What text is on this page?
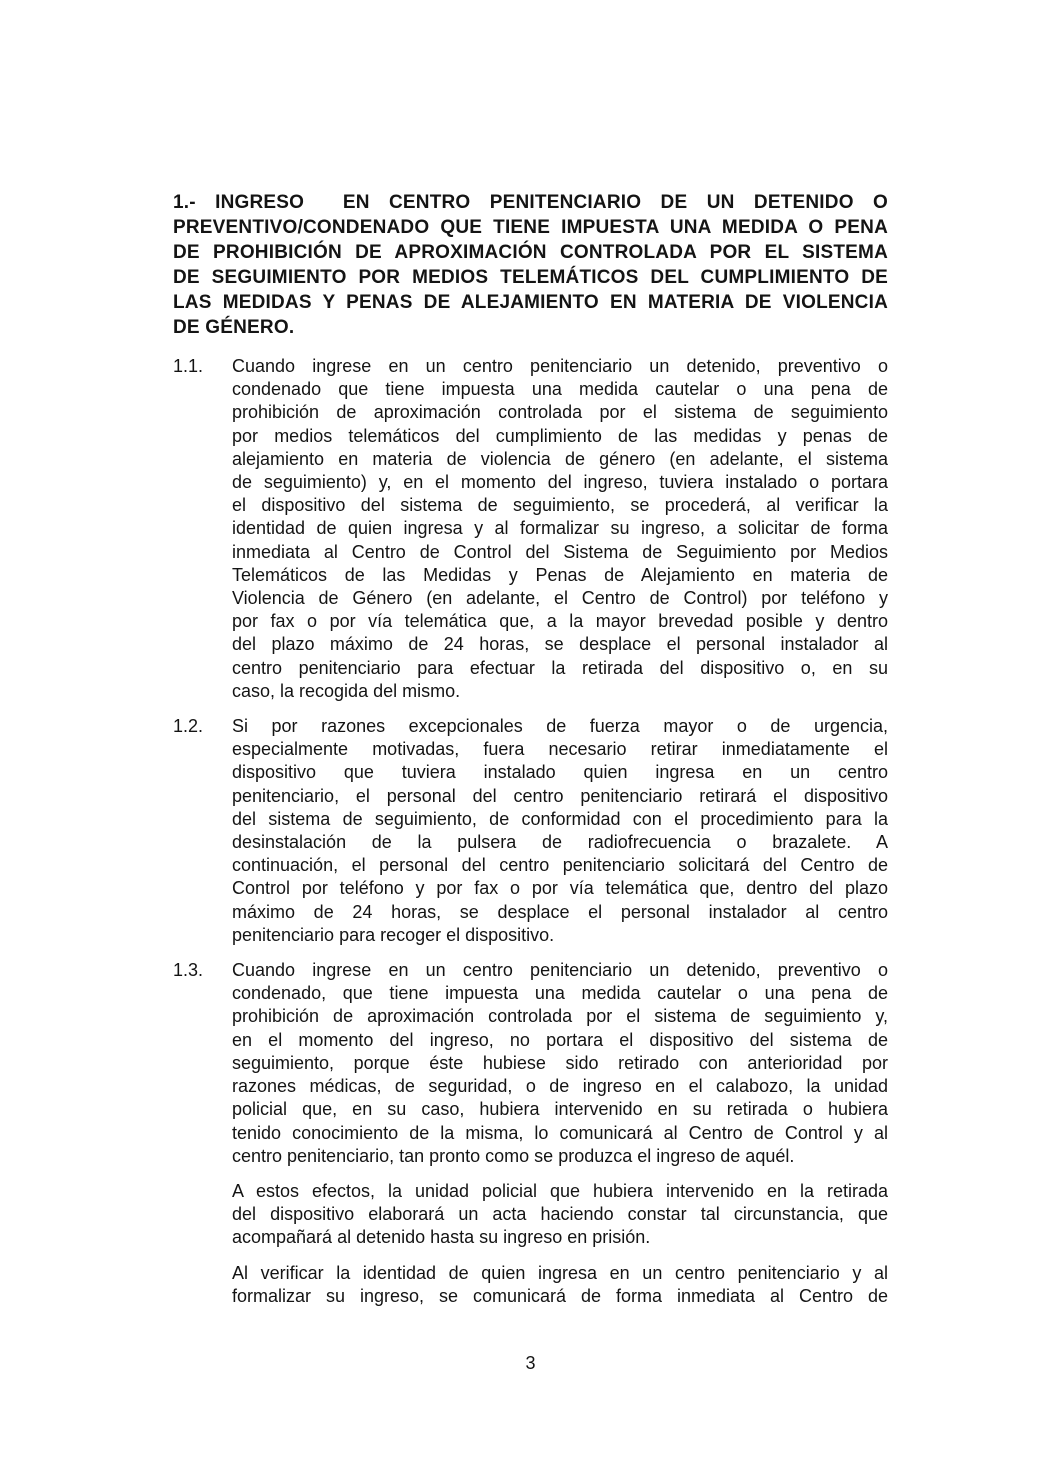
1.- INGRESO  EN CENTRO PENITENCIARIO DE UN DETENIDO O
PREVENTIVO/CONDENADO QUE TIENE IMPUESTA UNA MEDIDA O PENA
DE PROHIBICIÓN DE APROXIMACIÓN CONTROLADA POR EL SISTEMA
DE SEGUIMIENTO POR MEDIOS TELEMÁTICOS DEL CUMPLIMIENTO DE
LAS MEDIDAS Y PENAS DE ALEJAMIENTO EN MATERIA DE VIOLENCIA
DE GÉNERO.
1.1. Cuando ingrese en un centro penitenciario un detenido, preventivo o
condenado que tiene impuesta una medida cautelar o una pena de
prohibición de aproximación controlada por el sistema de seguimiento
por medios telemáticos del cumplimiento de las medidas y penas de
alejamiento en materia de violencia de género (en adelante, el sistema
de seguimiento) y, en el momento del ingreso, tuviera instalado o portara
el dispositivo del sistema de seguimiento, se procederá, al verificar la
identidad de quien ingresa y al formalizar su ingreso, a solicitar de forma
inmediata al Centro de Control del Sistema de Seguimiento por Medios
Telemáticos de las Medidas y Penas de Alejamiento en materia de
Violencia de Género (en adelante, el Centro de Control) por teléfono y
por fax o por vía telemática que, a la mayor brevedad posible y dentro
del plazo máximo de 24 horas, se desplace el personal instalador al
centro penitenciario para efectuar la retirada del dispositivo o, en su
caso, la recogida del mismo.
1.2. Si por razones excepcionales de fuerza mayor o de urgencia,
especialmente motivadas, fuera necesario retirar inmediatamente el
dispositivo que tuviera instalado quien ingresa en un centro
penitenciario, el personal del centro penitenciario retirará el dispositivo
del sistema de seguimiento, de conformidad con el procedimiento para la
desinstalación de la pulsera de radiofrecuencia o brazalete. A
continuación, el personal del centro penitenciario solicitará del Centro de
Control por teléfono y por fax o por vía telemática que, dentro del plazo
máximo de 24 horas, se desplace el personal instalador al centro
penitenciario para recoger el dispositivo.
1.3. Cuando ingrese en un centro penitenciario un detenido, preventivo o
condenado, que tiene impuesta una medida cautelar o una pena de
prohibición de aproximación controlada por el sistema de seguimiento y,
en el momento del ingreso, no portara el dispositivo del sistema de
seguimiento, porque éste hubiese sido retirado con anterioridad por
razones médicas, de seguridad, o de ingreso en el calabozo, la unidad
policial que, en su caso, hubiera intervenido en su retirada o hubiera
tenido conocimiento de la misma, lo comunicará al Centro de Control y al
centro penitenciario, tan pronto como se produzca el ingreso de aquél.
A estos efectos, la unidad policial que hubiera intervenido en la retirada
del dispositivo elaborará un acta haciendo constar tal circunstancia, que
acompañará al detenido hasta su ingreso en prisión.
Al verificar la identidad de quien ingresa en un centro penitenciario y al
formalizar su ingreso, se comunicará de forma inmediata al Centro de
3
